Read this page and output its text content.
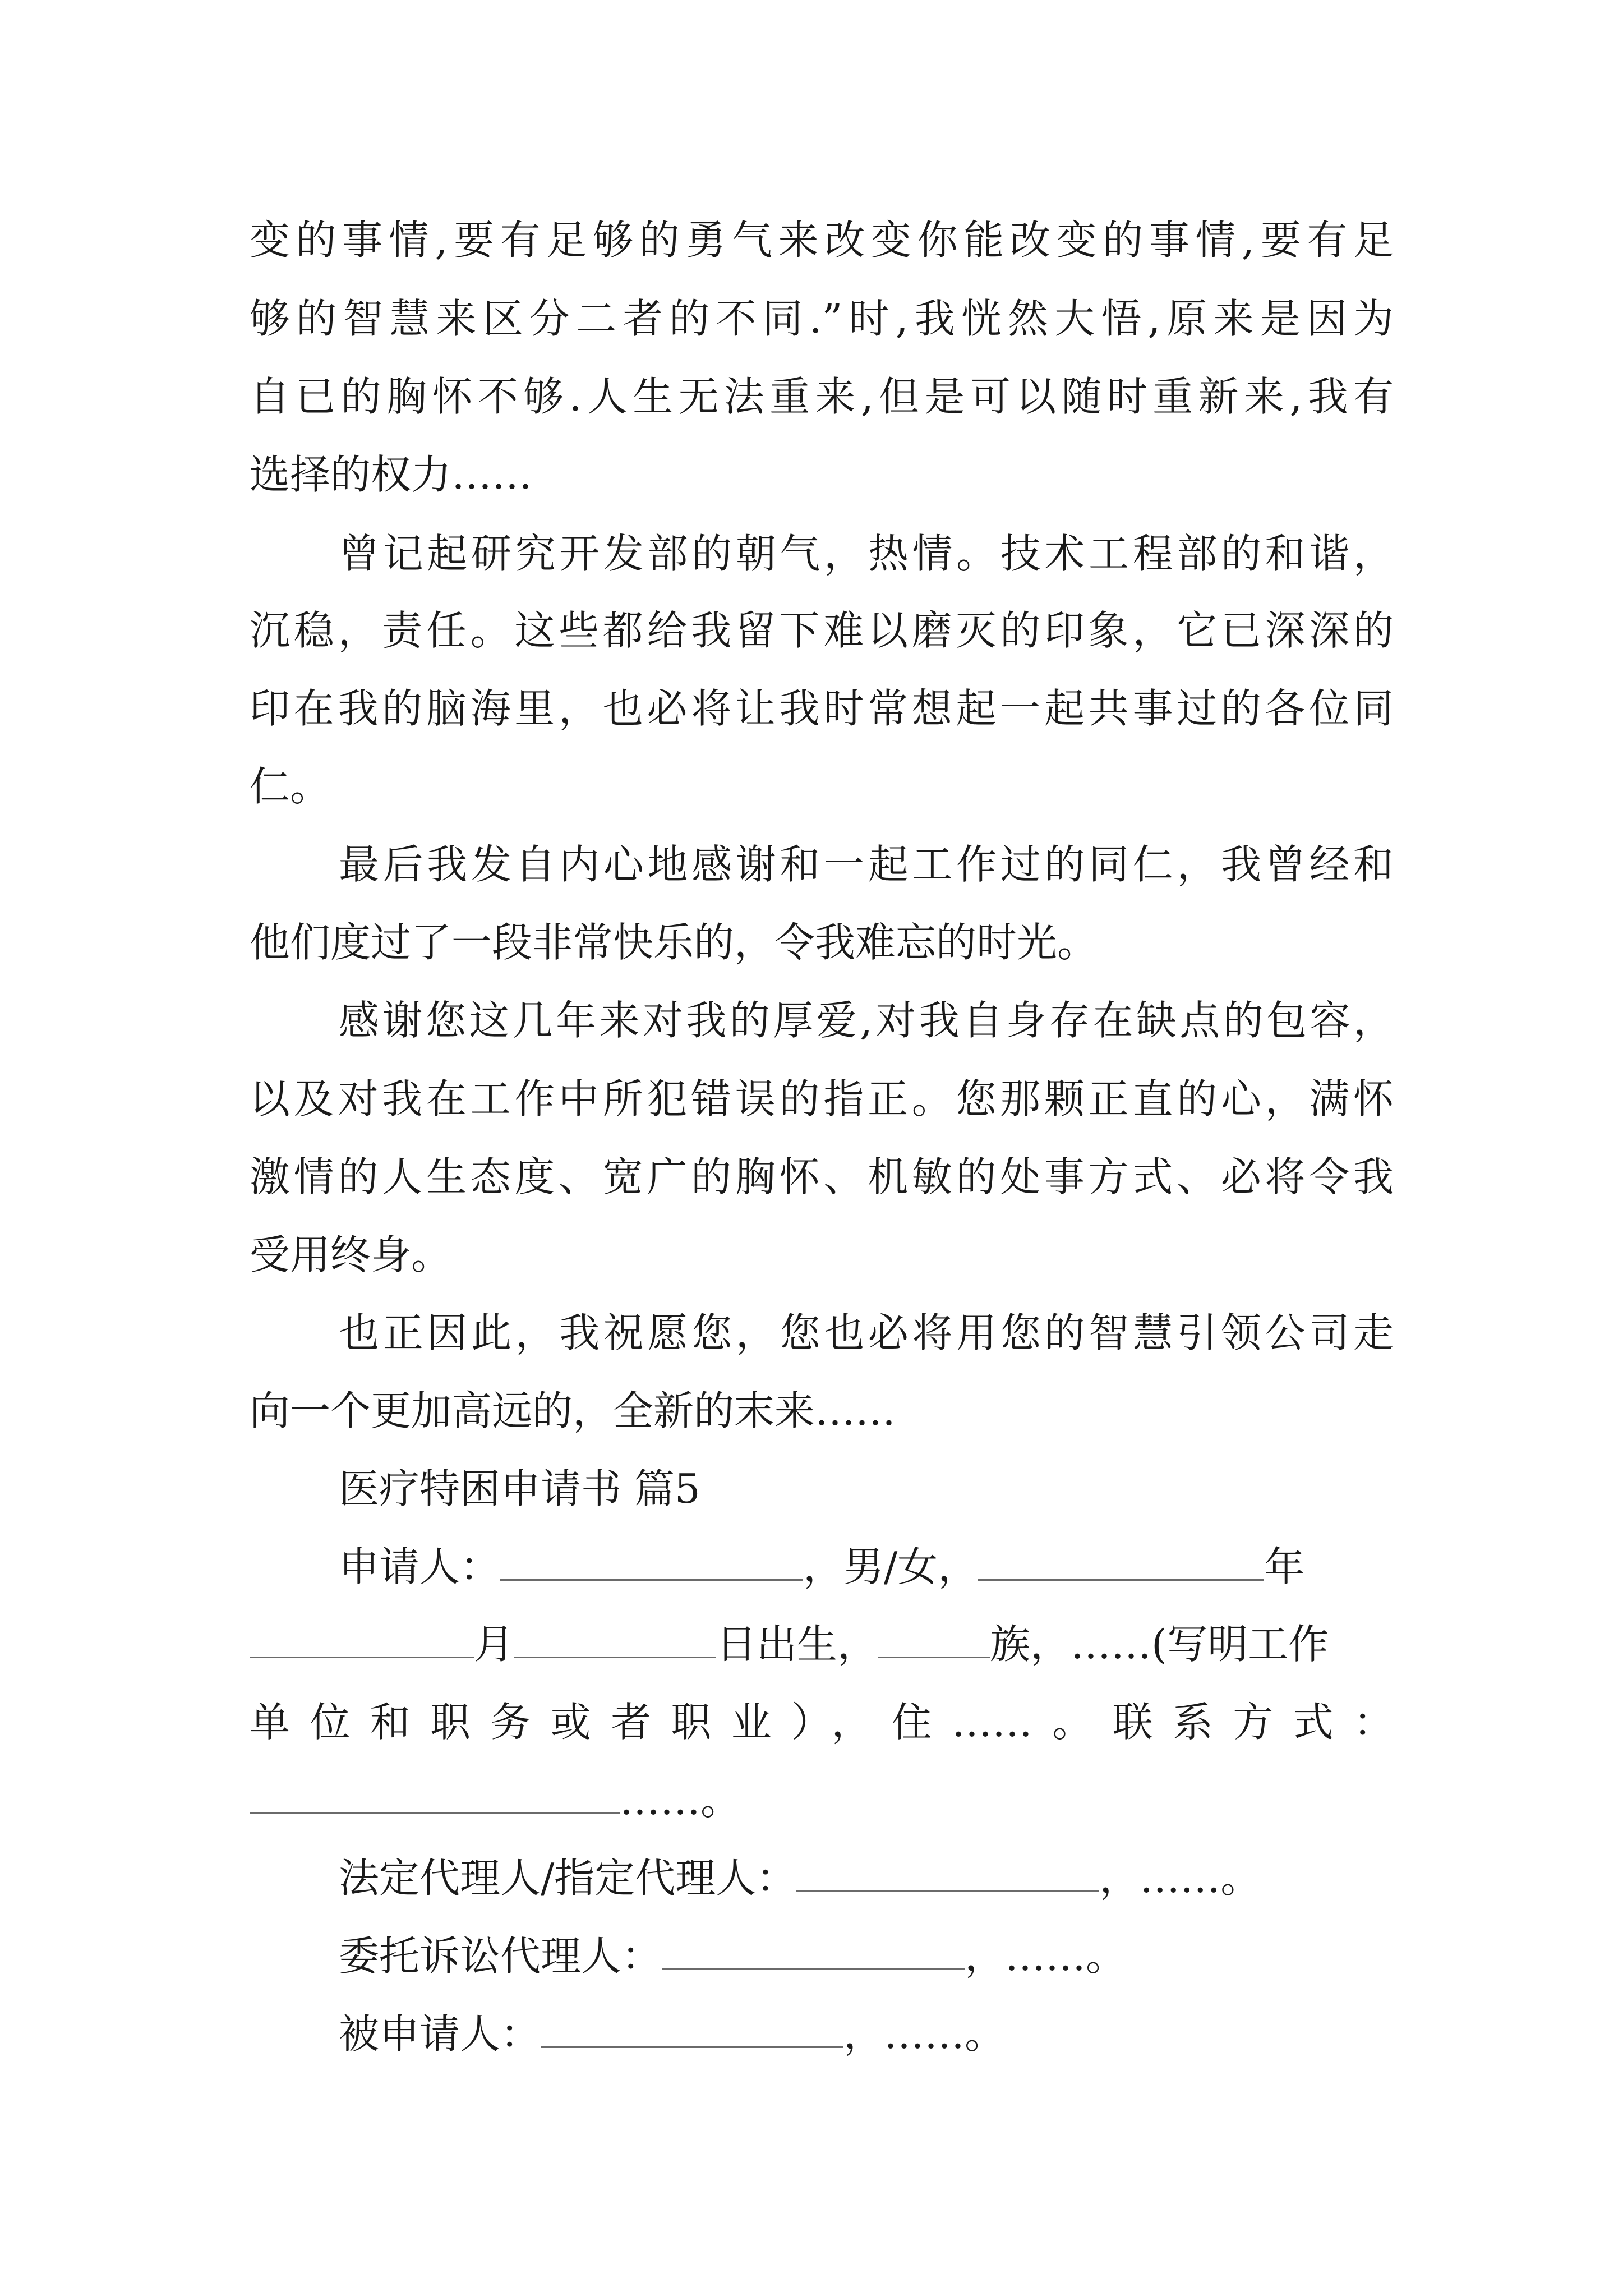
变的事情,要有足够的勇气来改变你能改变的事情,要有足

够的智慧来区分二者的不同.”时,我恍然大悟,原来是因为

自已的胸怀不够.人生无法重来,但是可以随时重新来,我有

选择的权力……

曾记起研究开发部的朝气，热情。技术工程部的和谐，

沉稳，责任。这些都给我留下难以磨灭的印象，它已深深的

印在我的脑海里，也必将让我时常想起一起共事过的各位同

仁。

最后我发自内心地感谢和一起工作过的同仁，我曾经和

他们度过了一段非常快乐的，令我难忘的时光。

感谢您这几年来对我的厚爱,对我自身存在缺点的包容，

以及对我在工作中所犯错误的指正。您那颗正直的心，满怀

激情的人生态度、宽广的胸怀、机敏的处事方式、必将令我

受用终身。

也正因此，我祝愿您，您也必将用您的智慧引领公司走

向一个更加高远的，全新的末来……

医疗特困申请书 篇5

申请人：	，男/女，	年

月	日出生，	族，……(写明工作

单位和职务或者职业），住……。联系方式：

……。

法定代理人/指定代理人：	，……。

委托诉讼代理人：	，……。

被申请人：	，……。
